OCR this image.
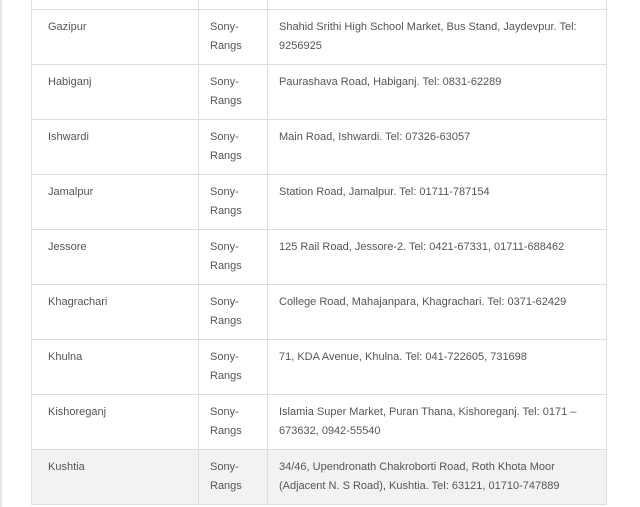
Gazipur	Sony-Rangs	Shahid Srithi High School Market, Bus Stand, Jaydevpur. Tel: 9256925

Habiganj	Sony-Rangs	Paurashava Road, Habiganj. Tel: 0831-62289

Ishwardi	Sony-Rangs	Main Road, Ishwardi. Tel: 07326-63057

Jamalpur	Sony-Rangs	Station Road, Jamalpur. Tel: 01711-787154

Jessore	Sony-Rangs	125 Rail Road, Jessore-2. Tel: 0421-67331, 01711-688462

Khagrachari	Sony-Rangs	College Road, Mahajanpara, Khagrachari. Tel: 0371-62429

Khulna	Sony-Rangs	71, KDA Avenue, Khulna. Tel: 041-722605, 731698

Kishoreganj	Sony-Rangs	Islamia Super Market, Puran Thana, Kishoreganj. Tel: 0171 – 673632, 0942-55540

Kushtia	Sony-Rangs	34/46, Upendronath Chakroborti Road, Roth Khota Moor (Adjacent N. S Road), Kushtia. Tel: 63121, 01710-747889
